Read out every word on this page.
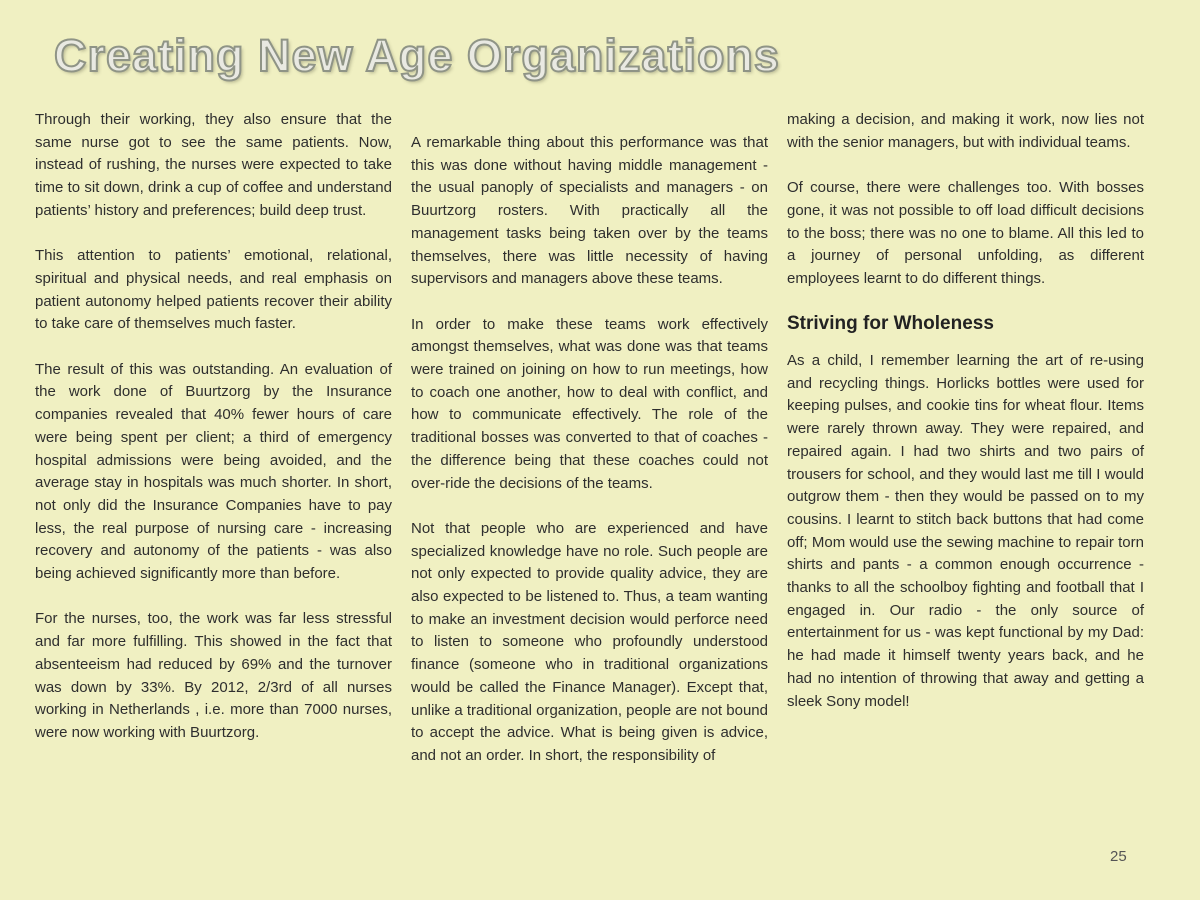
Creating New Age Organizations

Through their working, they also ensure that the same nurse got to see the same patients. Now, instead of rushing, the nurses were expected to take time to sit down, drink a cup of coffee and understand patients’ history and preferences; build deep trust.

This attention to patients’ emotional, relational, spiritual and physical needs, and real emphasis on patient autonomy helped patients recover their ability to take care of themselves much faster.

The result of this was outstanding. An evaluation of the work done of Buurtzorg by the Insurance companies revealed that 40% fewer hours of care were being spent per client; a third of emergency hospital admissions were being avoided, and the average stay in hospitals was much shorter. In short, not only did the Insurance Companies have to pay less, the real purpose of nursing care - increasing recovery and autonomy of the patients - was also being achieved significantly more than before.

For the nurses, too, the work was far less stressful and far more fulfilling. This showed in the fact that absenteeism had reduced by 69% and the turnover was down by 33%. By 2012, 2/3rd of all nurses working in Netherlands , i.e. more than 7000 nurses, were now working with Buurtzorg.

A remarkable thing about this performance was that this was done without having middle management - the usual panoply of specialists and managers - on Buurtzorg rosters. With practically all the management tasks being taken over by the teams themselves, there was little necessity of having supervisors and managers above these teams.

In order to make these teams work effectively amongst themselves, what was done was that teams were trained on joining on how to run meetings, how to coach one another, how to deal with conflict, and how to communicate effectively. The role of the traditional bosses was converted to that of coaches - the difference being that these coaches could not over-ride the decisions of the teams.

Not that people who are experienced and have specialized knowledge have no role. Such people are not only expected to provide quality advice, they are also expected to be listened to. Thus, a team wanting to make an investment decision would perforce need to listen to someone who profoundly understood finance (someone who in traditional organizations would be called the Finance Manager). Except that, unlike a traditional organization, people are not bound to accept the advice. What is being given is advice, and not an order. In short, the responsibility of

making a decision, and making it work, now lies not with the senior managers, but with individual teams.

Of course, there were challenges too. With bosses gone, it was not possible to off load difficult decisions to the boss; there was no one to blame. All this led to a journey of personal unfolding, as different employees learnt to do different things.

Striving for Wholeness

As a child, I remember learning the art of re-using and recycling things. Horlicks bottles were used for keeping pulses, and cookie tins for wheat flour. Items were rarely thrown away. They were repaired, and repaired again. I had two shirts and two pairs of trousers for school, and they would last me till I would outgrow them - then they would be passed on to my cousins. I learnt to stitch back buttons that had come off; Mom would use the sewing machine to repair torn shirts and pants - a common enough occurrence - thanks to all the schoolboy fighting and football that I engaged in. Our radio - the only source of entertainment for us - was kept functional by my Dad: he had made it himself twenty years back, and he had no intention of throwing that away and getting a sleek Sony model!

25
